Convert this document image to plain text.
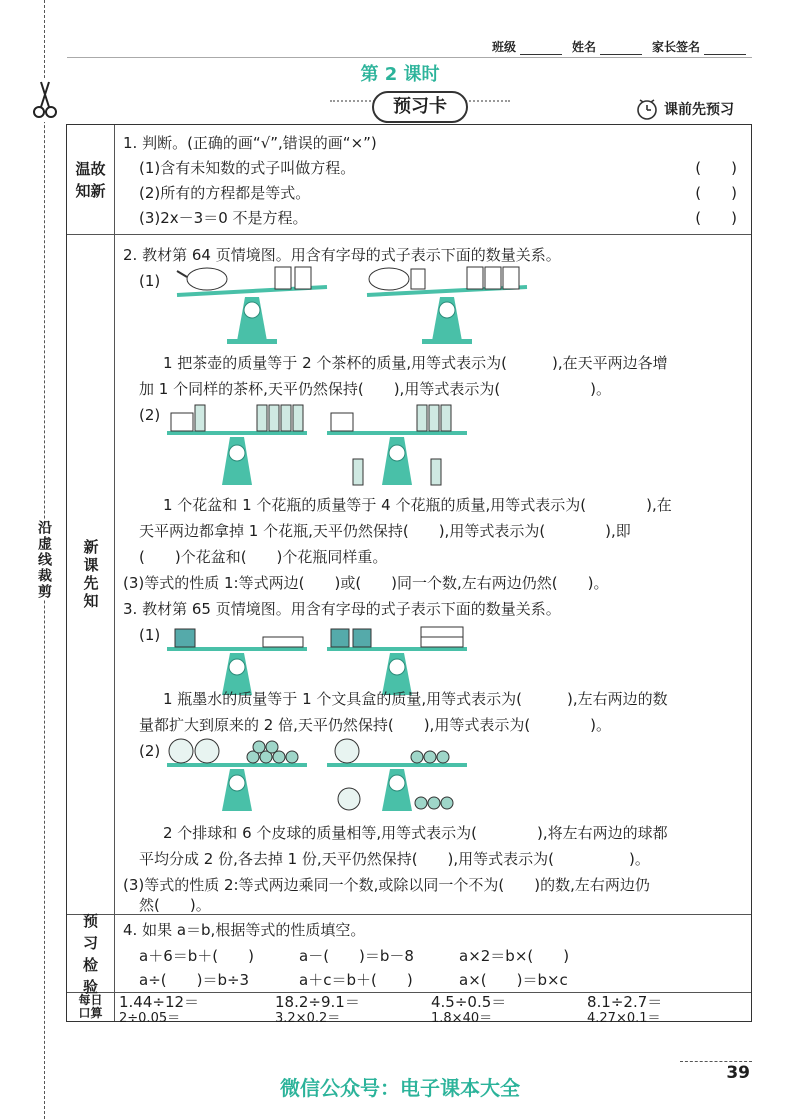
沿虚线裁剪
班级	姓名	家长签名
第 2 课时
预习卡	课前先预习
温故知新
1. 判断。(正确的画“√”,错误的画“×”)
(1)含有未知数的式子叫做方程。	(　　)
(2)所有的方程都是等式。	(　　)
(3)2x－3＝0 不是方程。	(　　)
新课先知
2. 教材第 64 页情境图。用含有字母的式子表示下面的数量关系。
(1)
1 把茶壶的质量等于 2 个茶杯的质量,用等式表示为(　　　),在天平两边各增
加 1 个同样的茶杯,天平仍然保持(　　),用等式表示为(　　　　　　)。
(2)
1 个花盆和 1 个花瓶的质量等于 4 个花瓶的质量,用等式表示为(　　　　),在
天平两边都拿掉 1 个花瓶,天平仍然保持(　　),用等式表示为(　　　　),即
(　　)个花盆和(　　)个花瓶同样重。
(3)等式的性质 1:等式两边(　　)或(　　)同一个数,左右两边仍然(　　)。
3. 教材第 65 页情境图。用含有字母的式子表示下面的数量关系。
(1)
1 瓶墨水的质量等于 1 个文具盒的质量,用等式表示为(　　　),左右两边的数
量都扩大到原来的 2 倍,天平仍然保持(　　),用等式表示为(　　　　)。
(2)
2 个排球和 6 个皮球的质量相等,用等式表示为(　　　　),将左右两边的球都
平均分成 2 份,各去掉 1 份,天平仍然保持(　　),用等式表示为(　　　　　)。
(3)等式的性质 2:等式两边乘同一个数,或除以同一个不为(　　)的数,左右两边仍
然(　　)。
预习检验
4. 如果 a＝b,根据等式的性质填空。
a＋6＝b＋(　　)	a－(　　)＝b－8	a×2＝b×(　　)
a÷(　　)＝b÷3	a＋c＝b＋(　　)	a×(　　)＝b×c
每日口算
1.44÷12＝	18.2÷9.1＝	4.5÷0.5＝	8.1÷2.7＝
2÷0.05＝	3.2×0.2＝	1.8×40＝	4.27×0.1＝
39
微信公众号：电子课本大全
